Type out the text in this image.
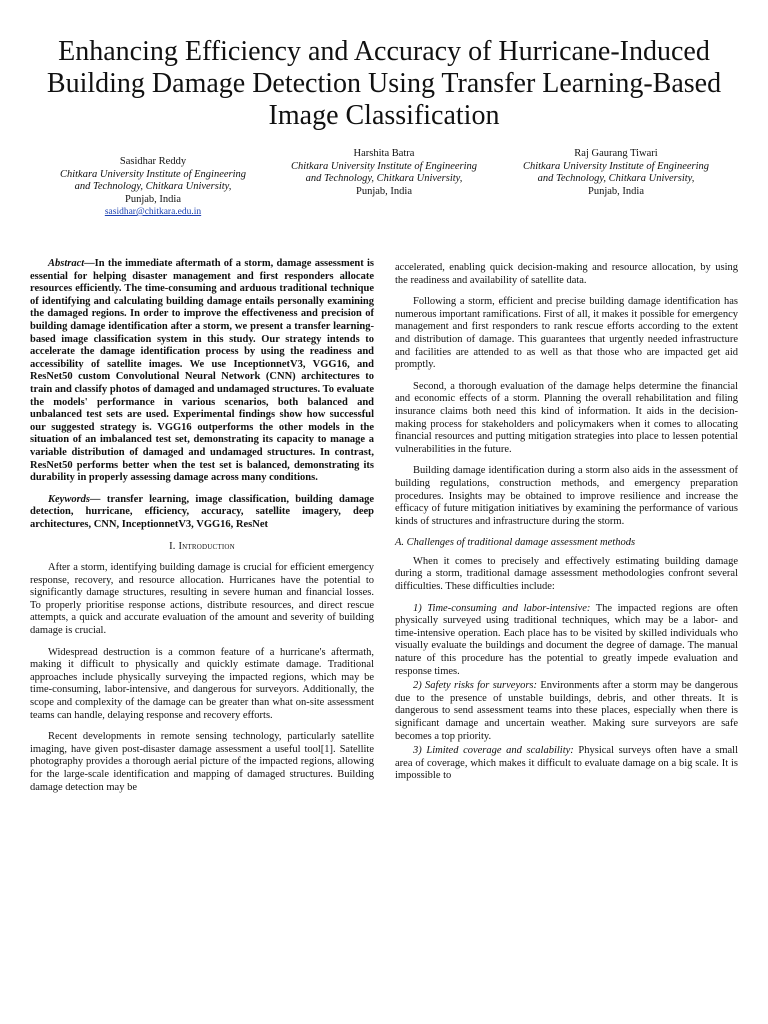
Enhancing Efficiency and Accuracy of Hurricane-Induced Building Damage Detection Using Transfer Learning-Based Image Classification
Sasidhar Reddy
Chitkara University Institute of Engineering and Technology, Chitkara University,
Punjab, India
sasidhar@chitkara.edu.in
Harshita Batra
Chitkara University Institute of Engineering and Technology, Chitkara University,
Punjab, India
Raj Gaurang Tiwari
Chitkara University Institute of Engineering and Technology, Chitkara University,
Punjab, India

Abstract—In the immediate aftermath of a storm, damage assessment is essential for helping disaster management and first responders allocate resources efficiently. The time-consuming and arduous traditional technique of identifying and calculating building damage entails personally examining the damaged regions. In order to improve the effectiveness and precision of building damage identification after a storm, we present a transfer learning-based image classification system in this study. Our strategy intends to accelerate the damage identification process by using the readiness and accessibility of satellite images. We use InceptionnetV3, VGG16, and ResNet50 custom Convolutional Neural Network (CNN) architectures to train and classify photos of damaged and undamaged structures. To evaluate the models' performance in various scenarios, both balanced and unbalanced test sets are used. Experimental findings show how successful our suggested strategy is. VGG16 outperforms the other models in the situation of an imbalanced test set, demonstrating its capacity to manage a variable distribution of damaged and undamaged structures. In contrast, ResNet50 performs better when the test set is balanced, demonstrating its durability in properly assessing damage across many conditions.

Keywords— transfer learning, image classification, building damage detection, hurricane, efficiency, accuracy, satellite imagery, deep architectures, CNN, InceptionnetV3, VGG16, ResNet

I. Introduction

After a storm, identifying building damage is crucial for efficient emergency response, recovery, and resource allocation. Hurricanes have the potential to significantly damage structures, resulting in severe human and financial losses. To properly prioritise response actions, distribute resources, and direct rescue attempts, a quick and accurate evaluation of the amount and severity of building damage is crucial.

Widespread destruction is a common feature of a hurricane's aftermath, making it difficult to physically and quickly estimate damage. Traditional approaches include physically surveying the impacted regions, which may be time-consuming, labor-intensive, and dangerous for surveyors. Additionally, the scope and complexity of the damage can be greater than what on-site assessment teams can handle, delaying response and recovery efforts.

Recent developments in remote sensing technology, particularly satellite imaging, have given post-disaster damage assessment a useful tool[1]. Satellite photography provides a thorough aerial picture of the impacted regions, allowing for the large-scale identification and mapping of damaged structures. Building damage detection may be

accelerated, enabling quick decision-making and resource allocation, by using the readiness and availability of satellite data.

Following a storm, efficient and precise building damage identification has numerous important ramifications. First of all, it makes it possible for emergency management and first responders to rank rescue efforts according to the extent and distribution of damage. This guarantees that urgently needed infrastructure and facilities are attended to as well as that those who are impacted get aid promptly.

Second, a thorough evaluation of the damage helps determine the financial and economic effects of a storm. Planning the overall rehabilitation and filing insurance claims both need this kind of information. It aids in the decision-making process for stakeholders and policymakers when it comes to allocating financial resources and putting mitigation strategies into place to lessen potential vulnerabilities in the future.

Building damage identification during a storm also aids in the assessment of building regulations, construction methods, and emergency preparation procedures. Insights may be obtained to improve resilience and increase the efficacy of future mitigation initiatives by examining the performance of various kinds of structures and infrastructure during the storm.

A. Challenges of traditional damage assessment methods

When it comes to precisely and effectively estimating building damage during a storm, traditional damage assessment methodologies confront several difficulties. These difficulties include:

1) Time-consuming and labor-intensive: The impacted regions are often physically surveyed using traditional techniques, which may be a labor- and time-intensive operation. Each place has to be visited by skilled individuals who visually evaluate the buildings and document the degree of damage. The manual nature of this procedure has the potential to greatly impede evaluation and response times.

2) Safety risks for surveyors: Environments after a storm may be dangerous due to the presence of unstable buildings, debris, and other threats. It is dangerous to send assessment teams into these places, especially when there is significant damage and uncertain weather. Making sure surveyors are safe becomes a top priority.

3) Limited coverage and scalability: Physical surveys often have a small area of coverage, which makes it difficult to evaluate damage on a big scale. It is impossible to
